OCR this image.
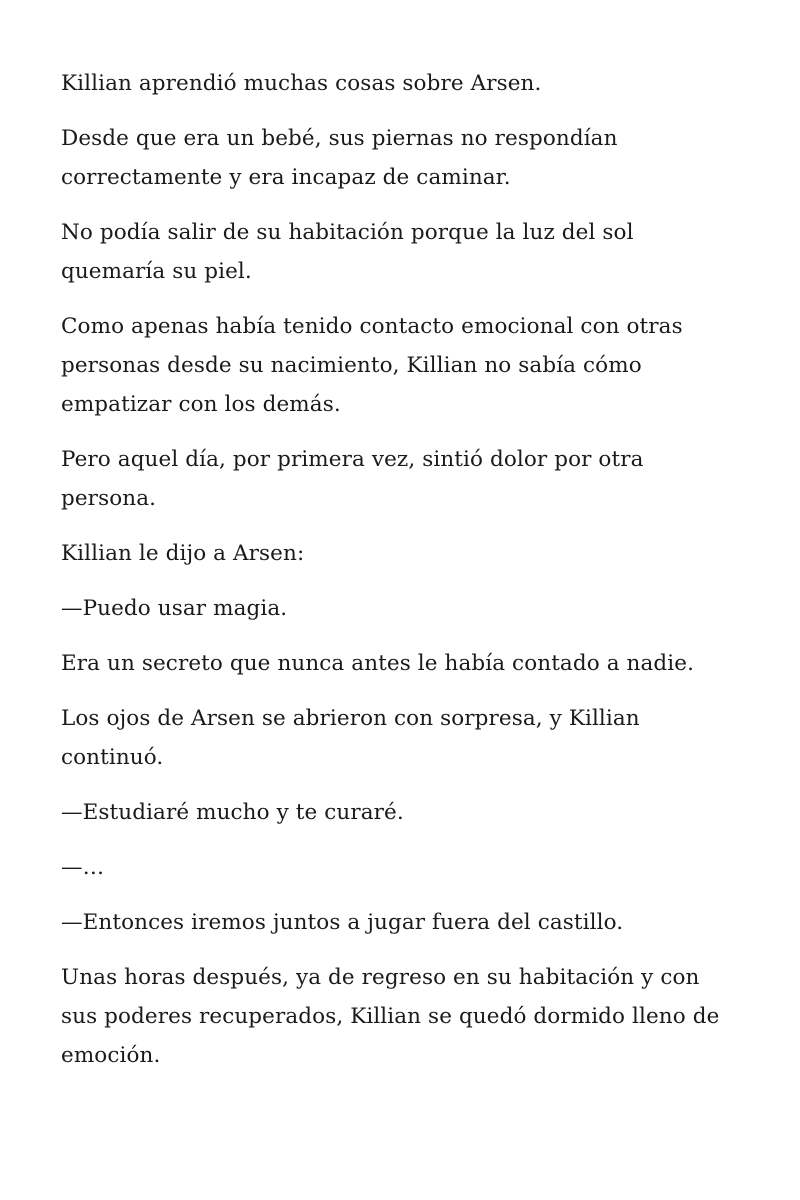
Killian aprendió muchas cosas sobre Arsen.

Desde que era un bebé, sus piernas no respondían correctamente y era incapaz de caminar.

No podía salir de su habitación porque la luz del sol quemaría su piel.

Como apenas había tenido contacto emocional con otras personas desde su nacimiento, Killian no sabía cómo empatizar con los demás.

Pero aquel día, por primera vez, sintió dolor por otra persona.

Killian le dijo a Arsen:

—Puedo usar magia.

Era un secreto que nunca antes le había contado a nadie.

Los ojos de Arsen se abrieron con sorpresa, y Killian continuó.

—Estudiaré mucho y te curaré.

—…

—Entonces iremos juntos a jugar fuera del castillo.

Unas horas después, ya de regreso en su habitación y con sus poderes recuperados, Killian se quedó dormido lleno de emoción.
